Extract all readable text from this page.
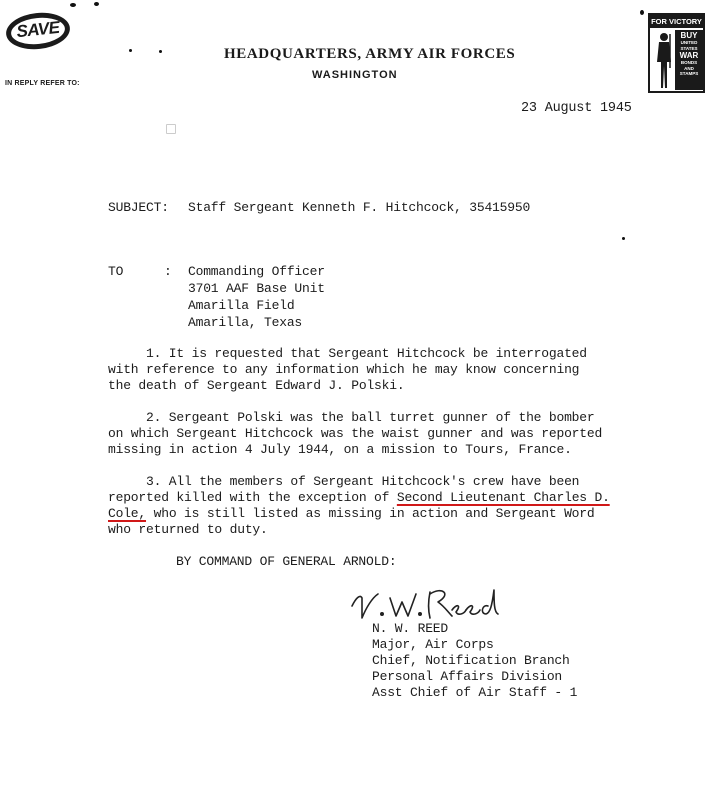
SAVE
IN REPLY REFER TO:
HEADQUARTERS, ARMY AIR FORCES
WASHINGTON
FOR VICTORY
BUY
UNITED
STATES
WAR
BONDS
AND
STAMPS
23 August 1945
SUBJECT: Staff Sergeant Kenneth F. Hitchcock, 35415950
TO	: Commanding Officer
3701 AAF Base Unit
Amarilla Field
Amarilla, Texas
1. It is requested that Sergeant Hitchcock be interrogated
with reference to any information which he may know concerning
the death of Sergeant Edward J. Polski.
2. Sergeant Polski was the ball turret gunner of the bomber
on which Sergeant Hitchcock was the waist gunner and was reported
missing in action 4 July 1944, on a mission to Tours, France.
3. All the members of Sergeant Hitchcock's crew have been
reported killed with the exception of Second Lieutenant Charles D.
Cole, who is still listed as missing in action and Sergeant Word
who returned to duty.
BY COMMAND OF GENERAL ARNOLD:
N. W. REED
Major, Air Corps
Chief, Notification Branch
Personal Affairs Division
Asst Chief of Air Staff - 1
